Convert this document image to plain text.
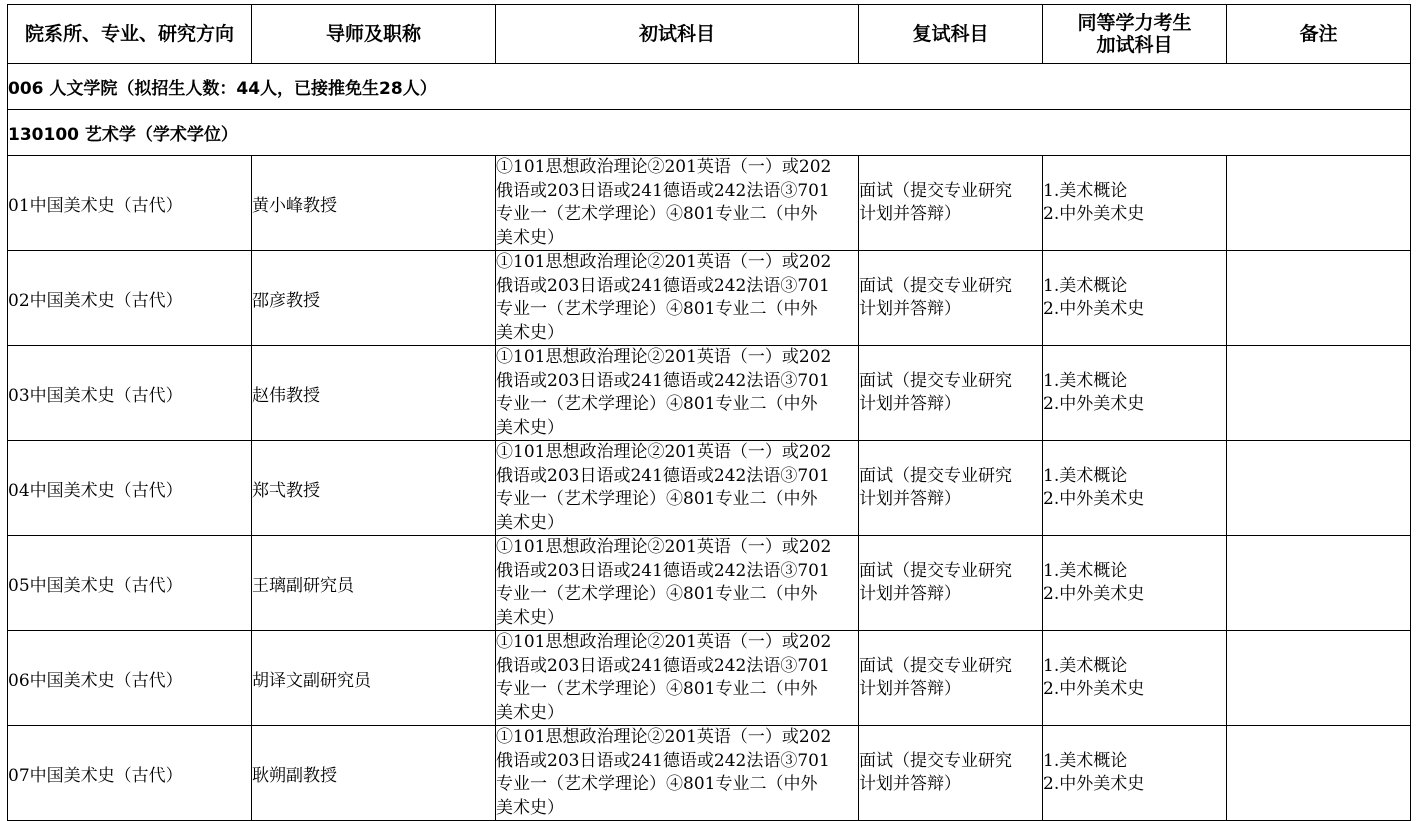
院系所、专业、研究方向	导师及职称	初试科目	复试科目	同等学力考生
加试科目	备注
006 人文学院（拟招生人数：44人，已接推免生28人）					
130100 艺术学（学术学位）					
01中国美术史（古代）	黄小峰教授	①101思想政治理论②201英语（一）或202
俄语或203日语或241德语或242法语③701
专业一（艺术学理论）④801专业二（中外
美术史）	面试（提交专业研究
计划并答辩）	1.美术概论
2.中外美术史	

02中国美术史（古代）	邵彦教授	①101思想政治理论②201英语（一）或202
俄语或203日语或241德语或242法语③701
专业一（艺术学理论）④801专业二（中外
美术史）	面试（提交专业研究
计划并答辩）	1.美术概论
2.中外美术史	

03中国美术史（古代）	赵伟教授	①101思想政治理论②201英语（一）或202
俄语或203日语或241德语或242法语③701
专业一（艺术学理论）④801专业二（中外
美术史）	面试（提交专业研究
计划并答辩）	1.美术概论
2.中外美术史	

04中国美术史（古代）	郑弌教授	①101思想政治理论②201英语（一）或202
俄语或203日语或241德语或242法语③701
专业一（艺术学理论）④801专业二（中外
美术史）	面试（提交专业研究
计划并答辩）	1.美术概论
2.中外美术史	

05中国美术史（古代）	王璃副研究员	①101思想政治理论②201英语（一）或202
俄语或203日语或241德语或242法语③701
专业一（艺术学理论）④801专业二（中外
美术史）	面试（提交专业研究
计划并答辩）	1.美术概论
2.中外美术史	

06中国美术史（古代）	胡译文副研究员	①101思想政治理论②201英语（一）或202
俄语或203日语或241德语或242法语③701
专业一（艺术学理论）④801专业二（中外
美术史）	面试（提交专业研究
计划并答辩）	1.美术概论
2.中外美术史	

07中国美术史（古代）	耿朔副教授	①101思想政治理论②201英语（一）或202
俄语或203日语或241德语或242法语③701
专业一（艺术学理论）④801专业二（中外
美术史）	面试（提交专业研究
计划并答辩）	1.美术概论
2.中外美术史	
